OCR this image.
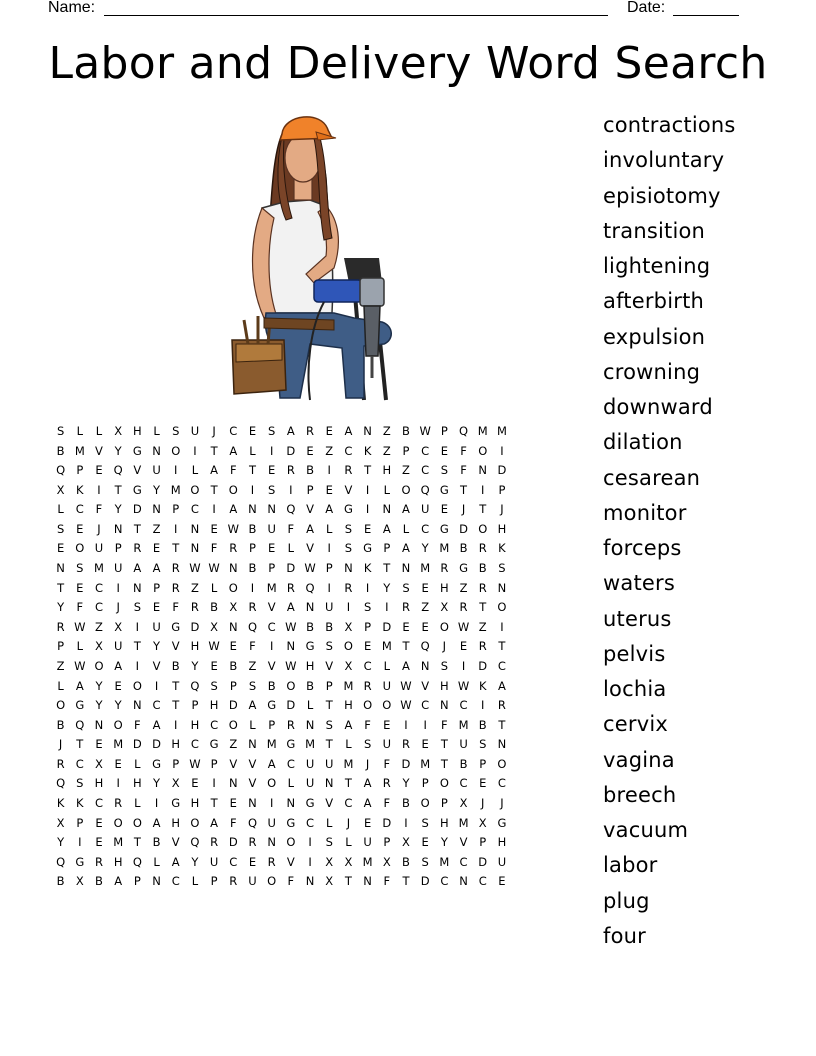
Name:	Date:
Labor and Delivery Word Search
S L L X H L S U J C E S A R E A N Z B W P Q M M
B M V Y G N O I T A L I D E Z C K Z P C E F O I
Q P E Q V U I L A F T E R B I R T H Z C S F N D
X K I T G Y M O T O I S I P E V I L O Q G T I P
L C F Y D N P C I A N N Q V A G I N A U E J T J
S E J N T Z I N E W B U F A L S E A L C G D O H
E O U P R E T N F R P E L V I S G P A Y M B R K
N S M U A A R W W N B P D W P N K T N M R G B S
T E C I N P R Z L O I M R Q I R I Y S E H Z R N
Y F C J S E F R B X R V A N U I S I R Z X R T O
R W Z X I U G D X N Q C W B B X P D E E O W Z I
P L X U T Y V H W E F I N G S O E M T Q J E R T
Z W O A I V B Y E B Z V W H V X C L A N S I D C
L A Y E O I T Q S P S B O B P M R U W V H W K A
O G Y Y N C T P H D A G D L T H O O W C N C I R
B Q N O F A I H C O L P R N S A F E I I F M B T
J T E M D D H C G Z N M G M T L S U R E T U S N
R C X E L G P W P V V A C U U M J F D M T B P O
Q S H I H Y X E I N V O L U N T A R Y P O C E C
K K C R L I G H T E N I N G V C A F B O P X J J
X P E O O A H O A F Q U G C L J E D I S H M X G
Y I E M T B V Q R D R N O I S L U P X E Y V P H
Q G R H Q L A Y U C E R V I X X M X B S M C D U
B X B A P N C L P R U O F N X T N F T D C N C E
contractions
involuntary
episiotomy
transition
lightening
afterbirth
expulsion
crowning
downward
dilation
cesarean
monitor
forceps
waters
uterus
pelvis
lochia
cervix
vagina
breech
vacuum
labor
plug
four
